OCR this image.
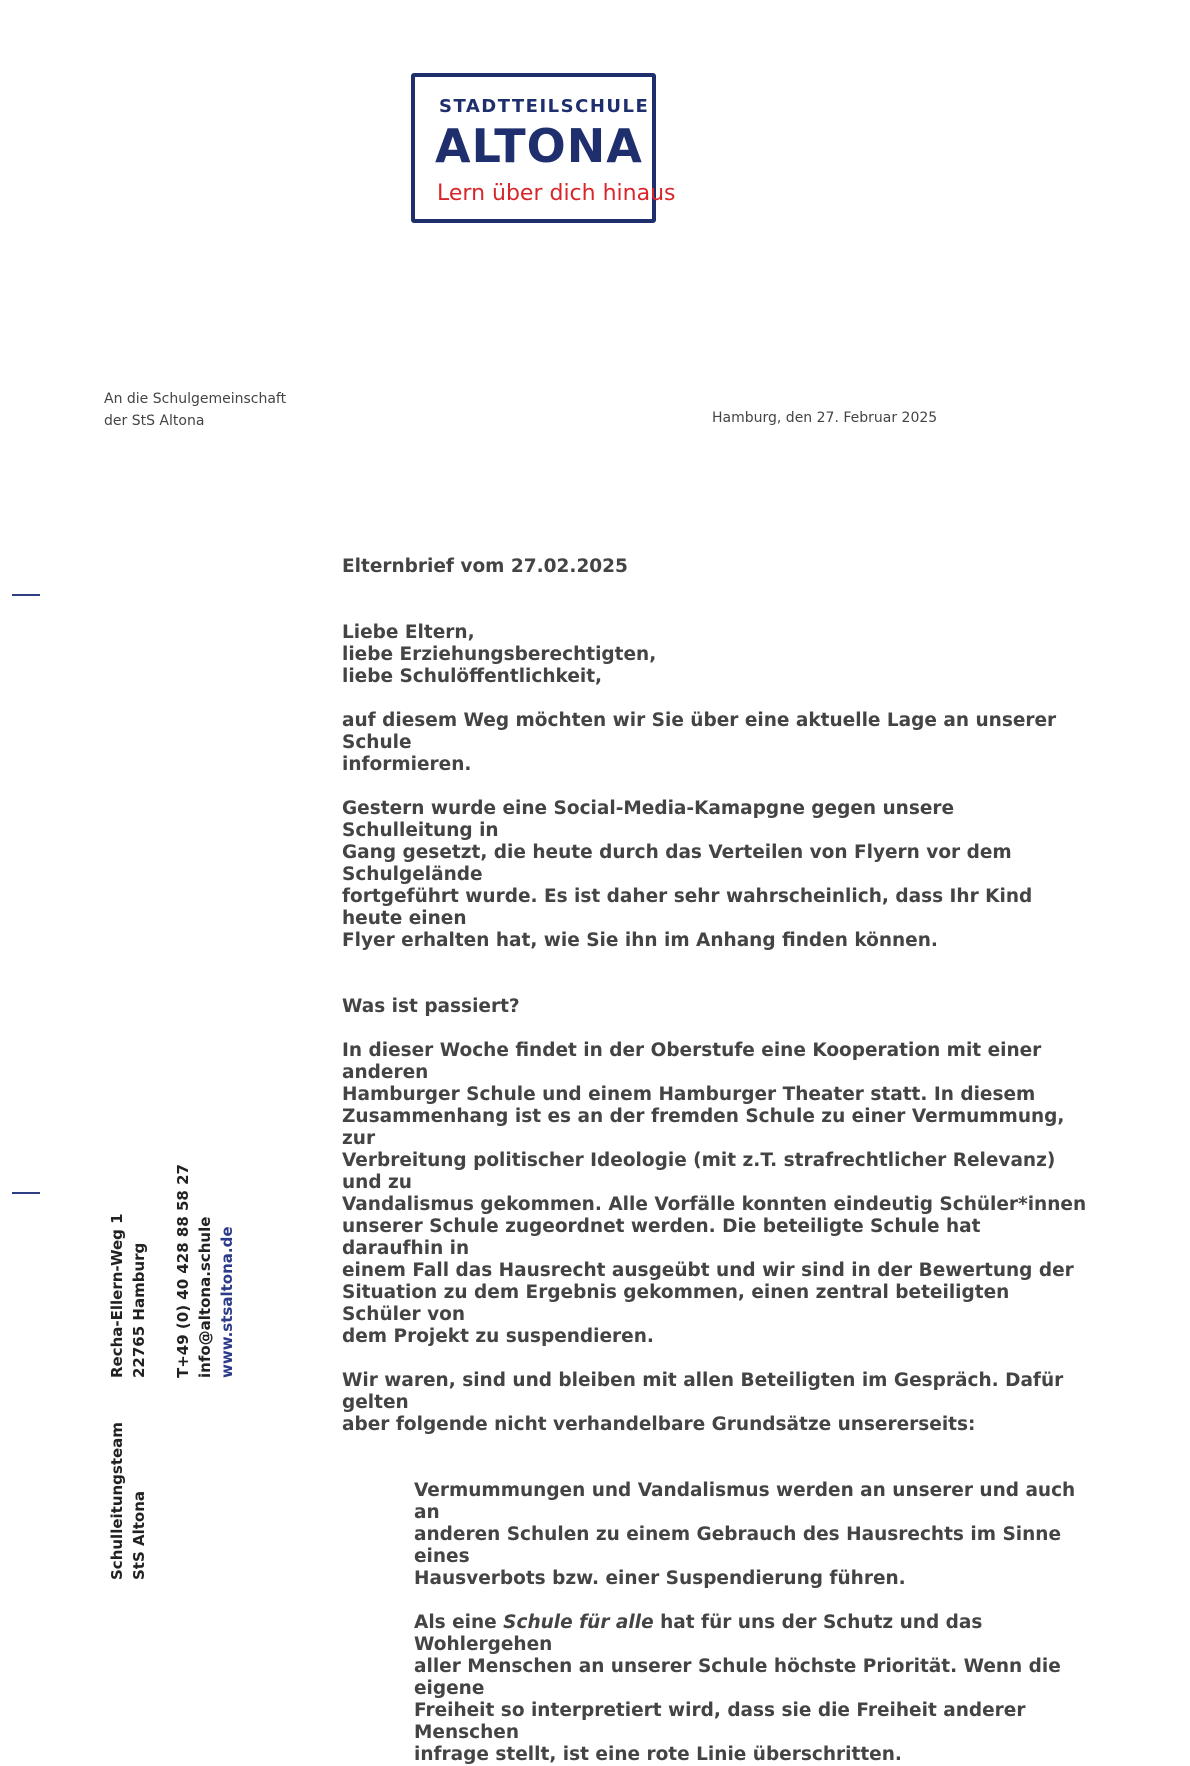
STADTTEILSCHULE
ALTONA
Lern über dich hinaus
An die Schulgemeinschaft
der StS Altona	Hamburg, den 27. Februar 2025

Elternbrief vom 27.02.2025

Liebe Eltern,
liebe Erziehungsberechtigten,
liebe Schulöffentlichkeit,

auf diesem Weg möchten wir Sie über eine aktuelle Lage an unserer Schule
informieren.

Gestern wurde eine Social-Media-Kamapgne gegen unsere Schulleitung in
Gang gesetzt, die heute durch das Verteilen von Flyern vor dem Schulgelände
fortgeführt wurde. Es ist daher sehr wahrscheinlich, dass Ihr Kind heute einen
Flyer erhalten hat, wie Sie ihn im Anhang finden können.

Was ist passiert?

In dieser Woche findet in der Oberstufe eine Kooperation mit einer anderen
Hamburger Schule und einem Hamburger Theater statt. In diesem
Zusammenhang ist es an der fremden Schule zu einer Vermummung, zur
Verbreitung politischer Ideologie (mit z.T. strafrechtlicher Relevanz) und zu
Vandalismus gekommen. Alle Vorfälle konnten eindeutig Schüler*innen
unserer Schule zugeordnet werden. Die beteiligte Schule hat daraufhin in
einem Fall das Hausrecht ausgeübt und wir sind in der Bewertung der
Situation zu dem Ergebnis gekommen, einen zentral beteiligten Schüler von
dem Projekt zu suspendieren.

Wir waren, sind und bleiben mit allen Beteiligten im Gespräch. Dafür gelten
aber folgende nicht verhandelbare Grundsätze unsererseits:

Vermummungen und Vandalismus werden an unserer und auch an
anderen Schulen zu einem Gebrauch des Hausrechts im Sinne eines
Hausverbots bzw. einer Suspendierung führen.

Als eine Schule für alle hat für uns der Schutz und das Wohlergehen
aller Menschen an unserer Schule höchste Priorität. Wenn die eigene
Freiheit so interpretiert wird, dass sie die Freiheit anderer Menschen
infrage stellt, ist eine rote Linie überschritten.

Schulleitungsteam StS Altona
Recha-Ellern-Weg 1 22765 Hamburg T+49 (0) 40 428 88 58 27 info@altona.schule www.stsaltona.de
